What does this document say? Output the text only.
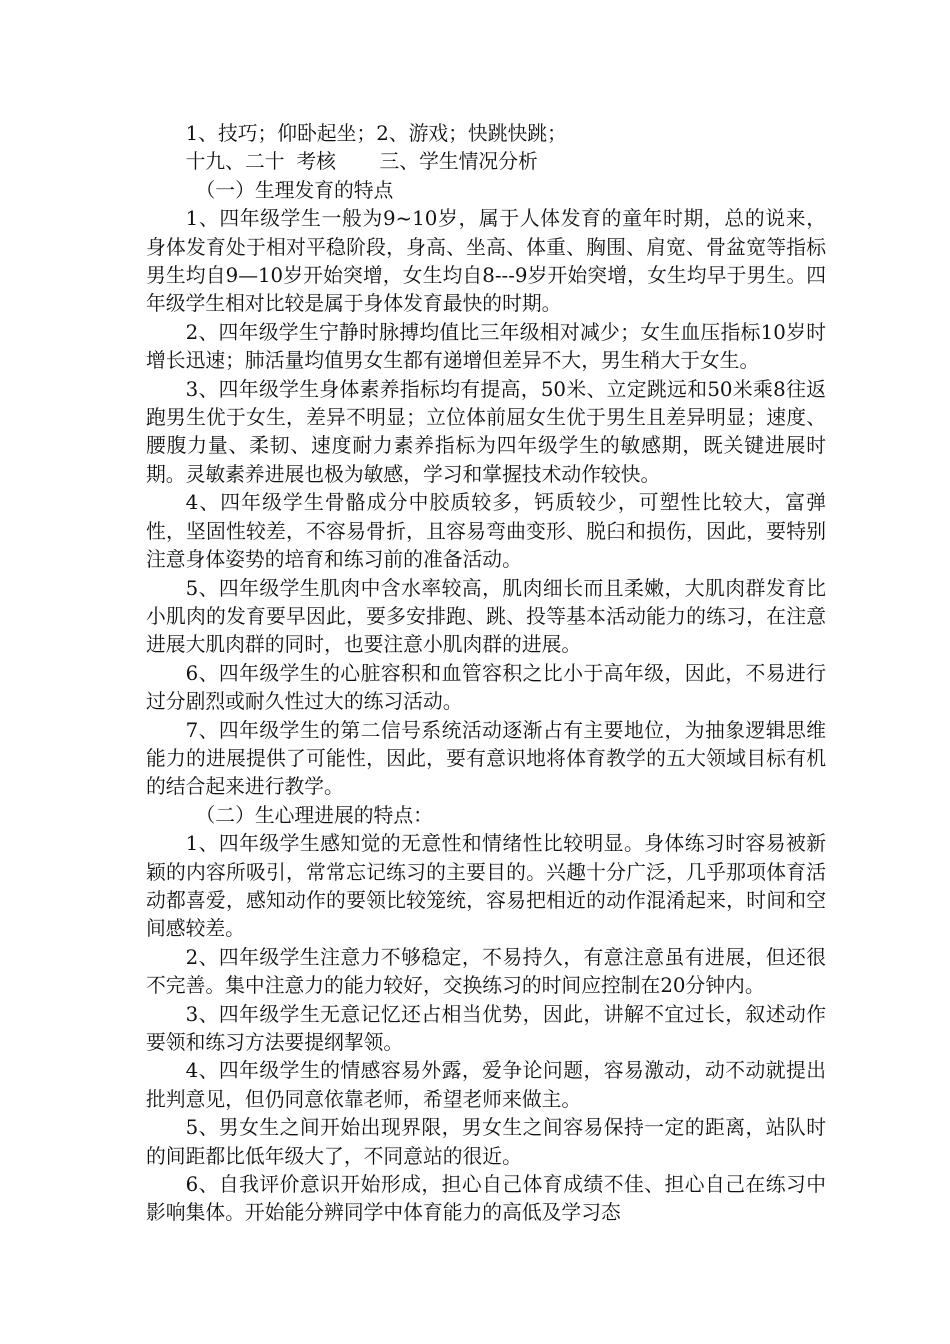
1、技巧；仰卧起坐；2、游戏；快跳快跳；

十九、二十 考核 三、学生情况分析

（一）生理发育的特点

1、四年级学生一般为9~10岁，属于人体发育的童年时期，总的说来，身体发育处于相对平稳阶段，身高、坐高、体重、胸围、肩宽、骨盆宽等指标男生均自9—10岁开始突增，女生均自8---9岁开始突增，女生均早于男生。四年级学生相对比较是属于身体发育最快的时期。

2、四年级学生宁静时脉搏均值比三年级相对减少；女生血压指标10岁时增长迅速；肺活量均值男女生都有递增但差异不大，男生稍大于女生。

3、四年级学生身体素养指标均有提高，50米、立定跳远和50米乘8往返跑男生优于女生，差异不明显；立位体前屈女生优于男生且差异明显；速度、腰腹力量、柔韧、速度耐力素养指标为四年级学生的敏感期，既关键进展时期。灵敏素养进展也极为敏感，学习和掌握技术动作较快。

4、四年级学生骨骼成分中胶质较多，钙质较少，可塑性比较大，富弹性，坚固性较差，不容易骨折，且容易弯曲变形、脱臼和损伤，因此，要特别注意身体姿势的培育和练习前的准备活动。

5、四年级学生肌肉中含水率较高，肌肉细长而且柔嫩，大肌肉群发育比小肌肉的发育要早因此，要多安排跑、跳、投等基本活动能力的练习，在注意进展大肌肉群的同时，也要注意小肌肉群的进展。

6、四年级学生的心脏容积和血管容积之比小于高年级，因此，不易进行过分剧烈或耐久性过大的练习活动。

7、四年级学生的第二信号系统活动逐渐占有主要地位，为抽象逻辑思维能力的进展提供了可能性，因此，要有意识地将体育教学的五大领域目标有机的结合起来进行教学。

（二）生心理进展的特点：

1、四年级学生感知觉的无意性和情绪性比较明显。身体练习时容易被新颖的内容所吸引，常常忘记练习的主要目的。兴趣十分广泛，几乎那项体育活动都喜爱，感知动作的要领比较笼统，容易把相近的动作混淆起来，时间和空间感较差。

2、四年级学生注意力不够稳定，不易持久，有意注意虽有进展，但还很不完善。集中注意力的能力较好，交换练习的时间应控制在20分钟内。

3、四年级学生无意记忆还占相当优势，因此，讲解不宜过长，叙述动作要领和练习方法要提纲挈领。

4、四年级学生的情感容易外露，爱争论问题，容易激动，动不动就提出批判意见，但仍同意依靠老师，希望老师来做主。

5、男女生之间开始出现界限，男女生之间容易保持一定的距离，站队时的间距都比低年级大了，不同意站的很近。

6、自我评价意识开始形成，担心自己体育成绩不佳、担心自己在练习中影响集体。开始能分辨同学中体育能力的高低及学习态
